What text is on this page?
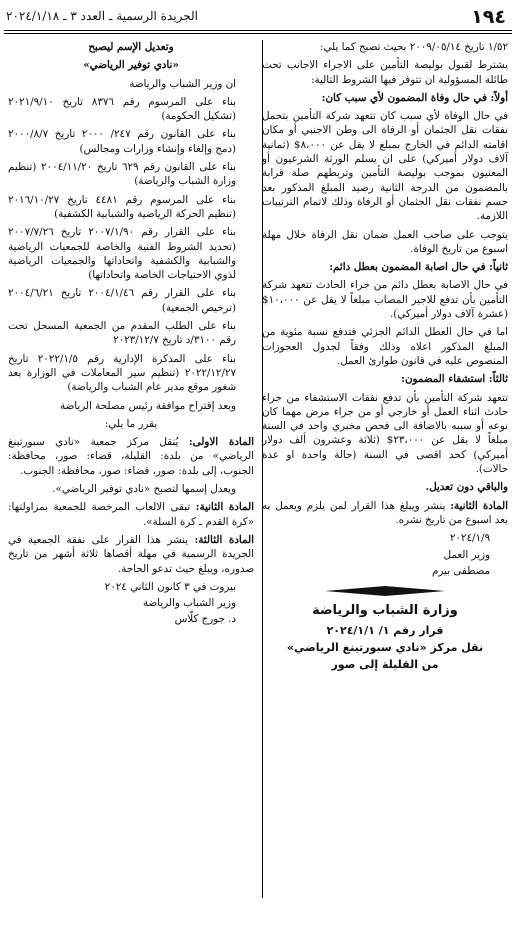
١٩٤
الجريدة الرسمية ـ العدد ٣ ـ ٢٠٢٤/١/١٨

١/٥٢ تاريخ ٢٠٠٩/٠٥/١٤ بحيث تصبح كما يلي:

يشترط لقبول بوليصة التأمين على الاجراء الاجانب تحت طائلة المسؤولية ان تتوفر فيها الشروط التالية:

أولاً: في حال وفاة المضمون لأي سبب كان:

في حال الوفاة لأي سبب كان تتعهد شركة التأمين بتحمل نفقات نقل الجثمان أو الرفاة الى وطن الاجنبي أو مكان اقامته الدائم في الخارج بمبلغ لا يقل عن ٨،٠٠٠$ (ثمانية آلاف دولار أميركي) على ان يسلم الورثة الشرعيون أو المعنيون بموجب بوليصة التأمين وتربطهم صلة قرابة بالمضمون من الدرجة الثانية رصيد المبلغ المذكور بعد حسم نفقات نقل الجثمان أو الرفاة وذلك لاتمام الترتيبات اللازمة.

يتوجب على صاحب العمل ضمان نقل الرفاة خلال مهلة اسبوع من تاريخ الوفاة.

ثانياً: في حال اصابة المضمون بعطل دائم:

في حال الاصابة بعطل دائم من جراء الحادث تتعهد شركة التأمين بأن تدفع للاجير المصاب مبلغاً لا يقل عن ١٠،٠٠٠$ (عشرة آلاف دولار أميركي).

اما في حال العطل الدائم الجزئي فتدفع نسبة مئوية من المبلغ المذكور اعلاه وذلك وفقاً لجدول العجوزات المنصوص عليه في قانون طوارئ العمل.

ثالثاً: استشفاء المضمون:

تتعهد شركة التأمين بأن تدفع نفقات الاستشفاء من جراء حادث اثناء العمل أو خارجي أو من جراء مرض مهما كان نوعه أو سببه بالاضافة الى فحص مخبري واحد في السنة مبلغاً لا يقل عن ٢٣،٠٠٠$ (ثلاثة وعشرون ألف دولار أميركي) كحد اقصى في السنة (حالة واحدة او عدة حالات).

والباقي دون تعديل.

المادة الثانية: ينشر ويبلغ هذا القرار لمن يلزم ويعمل به بعد اسبوع من تاريخ نشره.

٢٠٢٤/١/٩
وزير العمل
مصطفى بيرم
وزارة الشباب والرياضة
قرار رقم ١/ ٢٠٢٤/١/١
نقل مركز «نادي سبورتينغ الرياضي»
من القليلة إلى صور

وتعديل الإسم ليصبح

«نادي توفير الرياضي»

ان وزير الشباب والرياضة

بناء على المرسوم رقم ٨٣٧٦ تاريخ ٢٠٢١/٩/١٠ (تشكيل الحكومة)

بناء على القانون رقم ٢٤٧/ ٢٠٠٠ تاريخ ٢٠٠٠/٨/٧ (دمج وإلغاء وإنشاء وزارات ومجالس)

بناء على القانون رقم ٦٢٩ تاريخ ٢٠٠٤/١١/٢٠ (تنظيم وزارة الشباب والرياضة)

بناء على المرسوم رقم ٤٤٨١ تاريخ ٢٠١٦/١٠/٢٧ (تنظيم الحركة الرياضية والشبابية الكشفية)

بناء على القرار رقم ٢٠٠٧/١/٩٠ تاريخ ٢٠٠٧/٧/٢٦ (تحديد الشروط الفنية والخاصة للجمعيات الرياضية والشبابية والكشفية واتحاداتها والجمعيات الرياضية لذوي الاحتياجات الخاصة واتحاداتها)

بناء على القرار رقم ٢٠٠٤/١/٤٦ تاريخ ٢٠٠٤/٦/٢١ (ترخيص الجمعية)

بناء على الطلب المقدم من الجمعية المسجل تحت رقم ٣١٠٠/د تاريخ ٢٠٢٣/١٢/٧

بناء على المذكرة الإدارية رقم ٢٠٢٢/١/٥ تاريخ ٢٠٢٢/١٢/٢٧ (تنظيم سير المعاملات في الوزارة بعد شغور موقع مدير عام الشباب والرياضة)

وبعد إقتراح موافقة رئيس مصلحة الرياضة

يقرر ما يلي:

المادة الاولى: يُنقل مركز جمعية «نادي سبورتينغ الرياضي» من بلدة: القليلة، قضاء: صور، محافظة: الجنوب، إلى بلدة: صور، قضاء: صور، محافظة: الجنوب.

ويعدل إسمها لتصبح «نادي توفير الرياضي».

المادة الثانية: تبقى الالعاب المرخصة للجمعية بمزاولتها: «كرة القدم ـ كرة السلة».

المادة الثالثة: ينشر هذا القرار على نفقة الجمعية في الجريدة الرسمية في مهلة أقصاها ثلاثة أشهر من تاريخ صدوره، ويبلغ حيث تدعو الحاجة.

بيروت في ٣ كانون الثاني ٢٠٢٤
وزير الشباب والرياضة
د. جورج كلّاس
